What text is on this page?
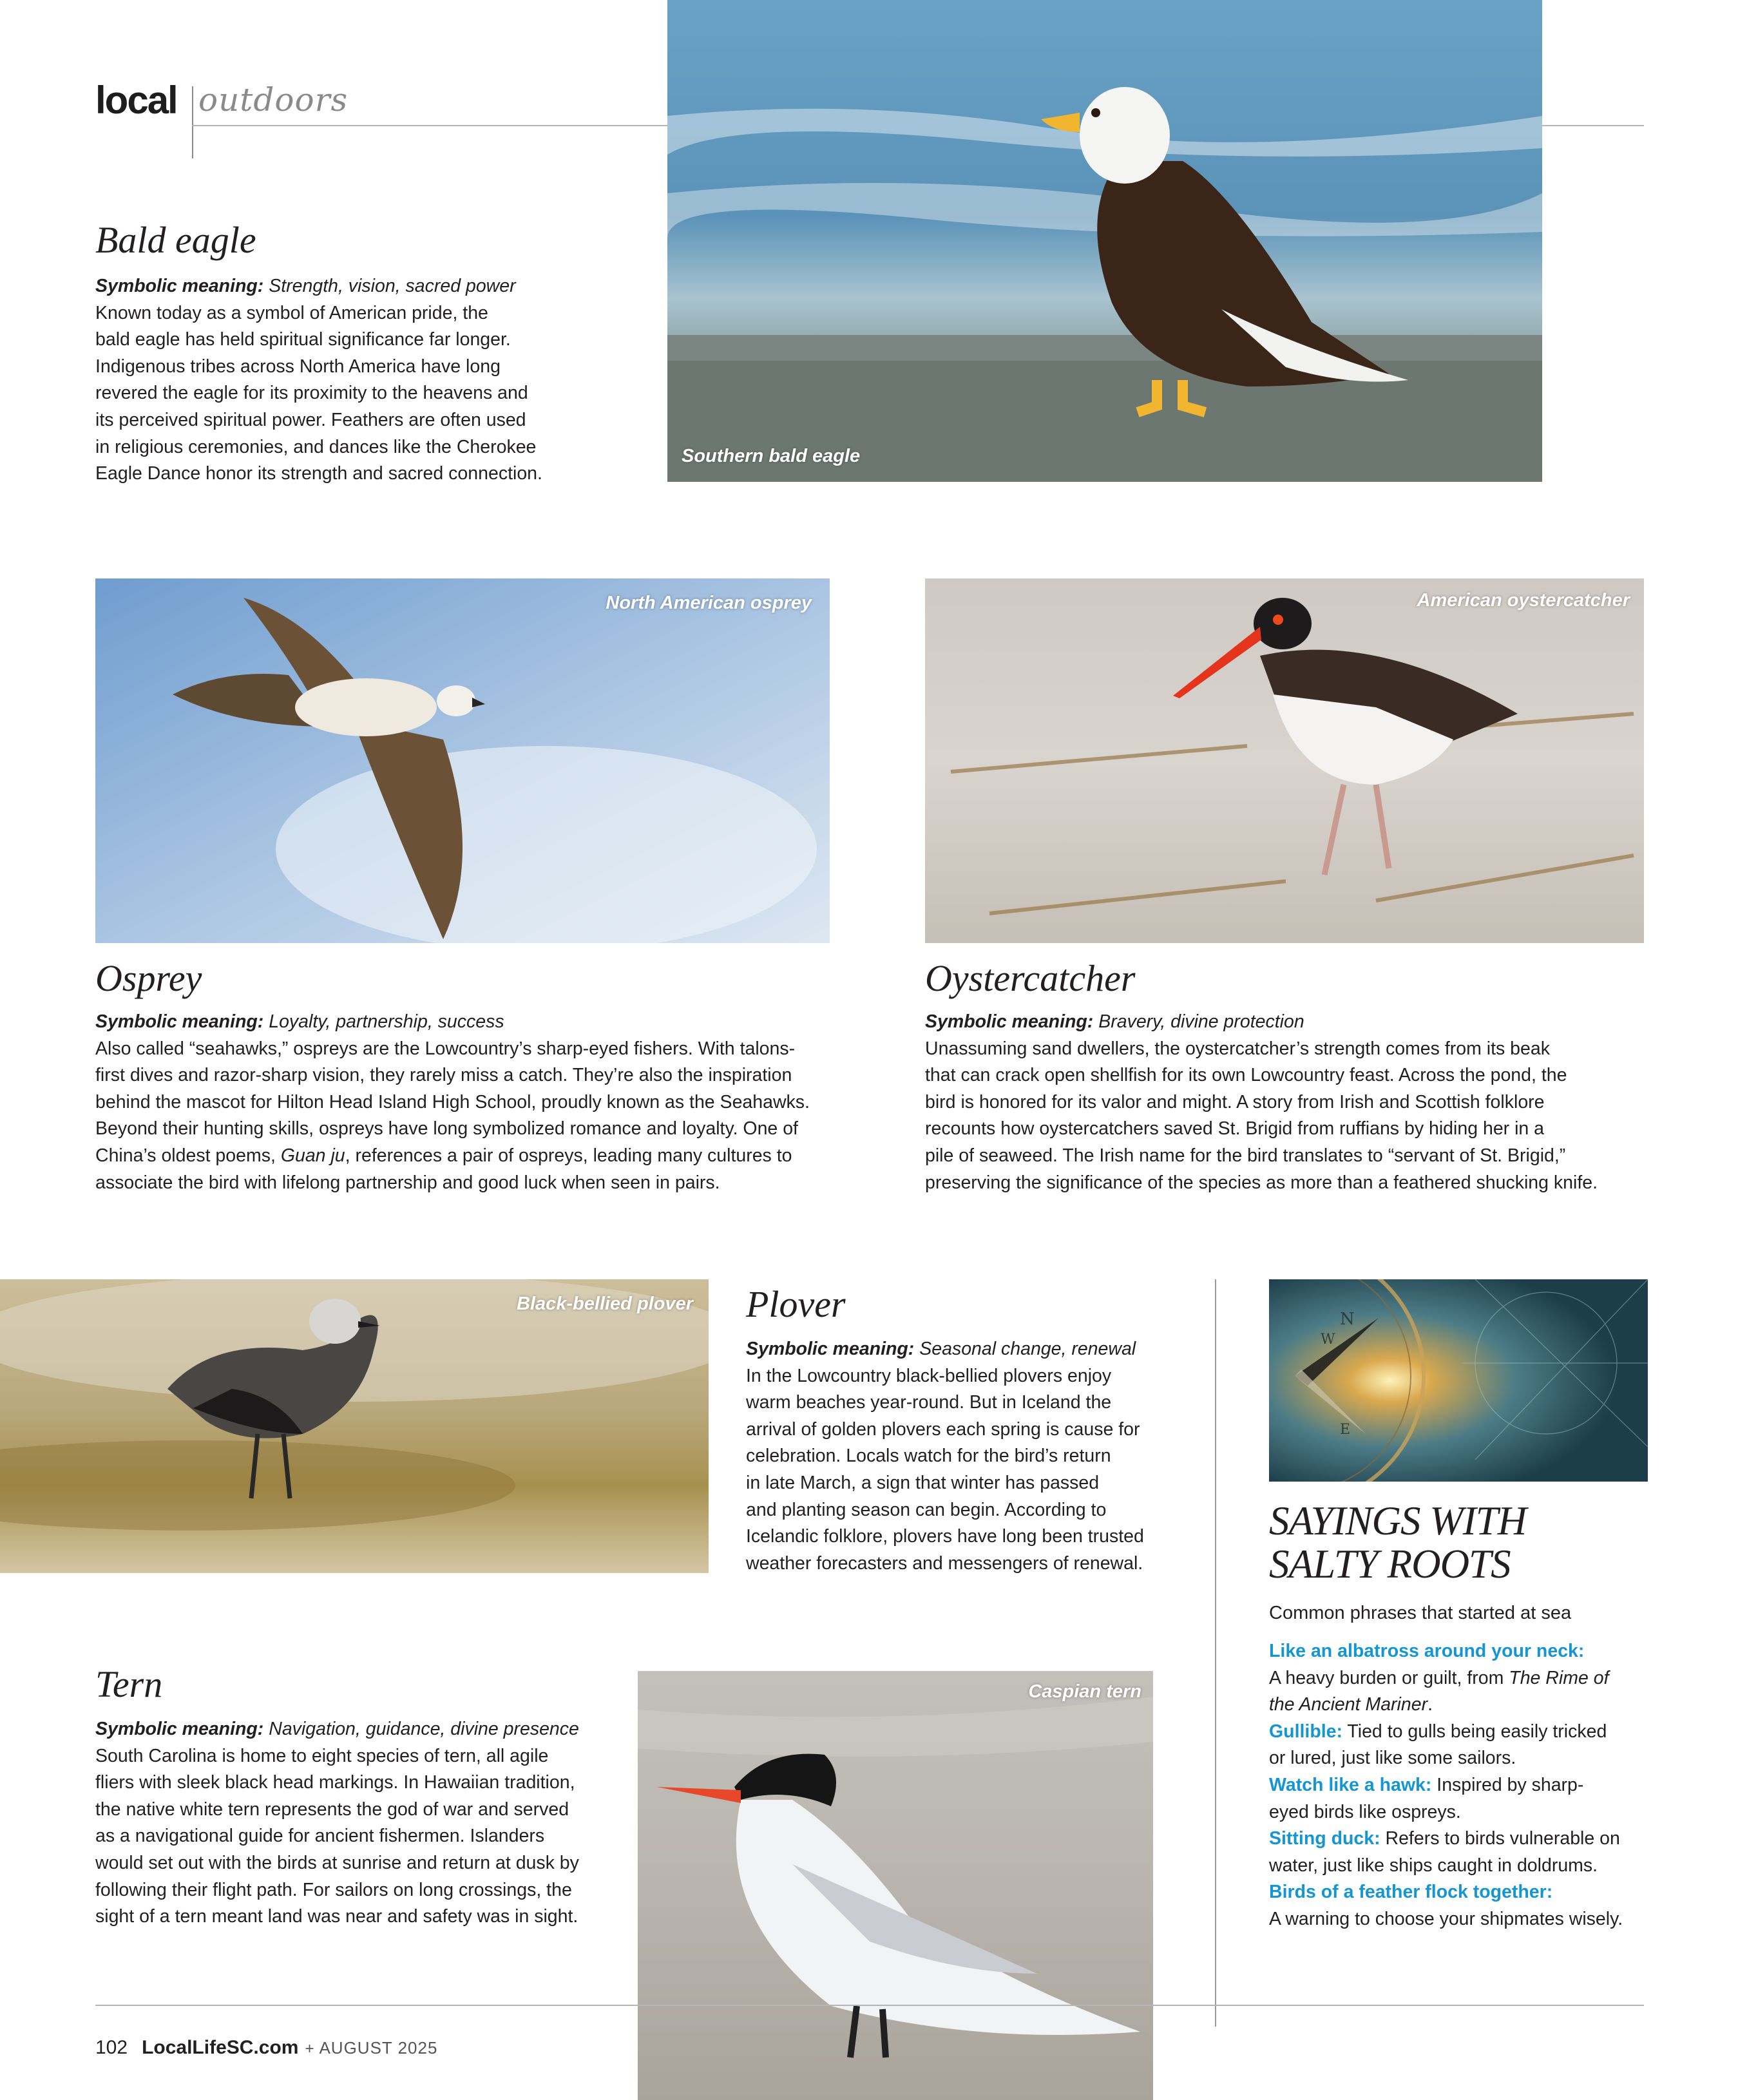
local outdoors
Bald eagle

Symbolic meaning: Strength, vision, sacred power

Known today as a symbol of American pride, the

bald eagle has held spiritual significance far longer.

Indigenous tribes across North America have long

revered the eagle for its proximity to the heavens and

its perceived spiritual power. Feathers are often used

in religious ceremonies, and dances like the Cherokee

Eagle Dance honor its strength and sacred connection.

Southern bald eagle
North American osprey
Osprey

Symbolic meaning: Loyalty, partnership, success

Also called “seahawks,” ospreys are the Lowcountry’s sharp-eyed fishers. With talons-

first dives and razor-sharp vision, they rarely miss a catch. They’re also the inspiration

behind the mascot for Hilton Head Island High School, proudly known as the Seahawks.

Beyond their hunting skills, ospreys have long symbolized romance and loyalty. One of

China’s oldest poems, Guan ju, references a pair of ospreys, leading many cultures to

associate the bird with lifelong partnership and good luck when seen in pairs.

American oystercatcher
Oystercatcher

Symbolic meaning: Bravery, divine protection

Unassuming sand dwellers, the oystercatcher’s strength comes from its beak

that can crack open shellfish for its own Lowcountry feast. Across the pond, the

bird is honored for its valor and might. A story from Irish and Scottish folklore

recounts how oystercatchers saved St. Brigid from ruffians by hiding her in a

pile of seaweed. The Irish name for the bird translates to “servant of St. Brigid,”

preserving the significance of the species as more than a feathered shucking knife.

Black-bellied plover Plover

Symbolic meaning: Seasonal change, renewal

In the Lowcountry black-bellied plovers enjoy

warm beaches year-round. But in Iceland the

arrival of golden plovers each spring is cause for

celebration. Locals watch for the bird’s return

in late March, a sign that winter has passed

and planting season can begin. According to

Icelandic folklore, plovers have long been trusted

weather forecasters and messengers of renewal.

Tern

Symbolic meaning: Navigation, guidance, divine presence

South Carolina is home to eight species of tern, all agile

fliers with sleek black head markings. In Hawaiian tradition,

the native white tern represents the god of war and served

as a navigational guide for ancient fishermen. Islanders

would set out with the birds at sunrise and return at dusk by

following their flight path. For sailors on long crossings, the

sight of a tern meant land was near and safety was in sight.

Caspian tern
N
W
E
SAYINGS WITH
SALTY ROOTS
Common phrases that started at sea

Like an albatross around your neck:

A heavy burden or guilt, from The Rime of

the Ancient Mariner.

Gullible: Tied to gulls being easily tricked

or lured, just like some sailors.

Watch like a hawk: Inspired by sharp-

eyed birds like ospreys.

Sitting duck: Refers to birds vulnerable on

water, just like ships caught in doldrums.

Birds of a feather flock together:

A warning to choose your shipmates wisely.

102 LocalLifeSC.com + AUGUST 2025
